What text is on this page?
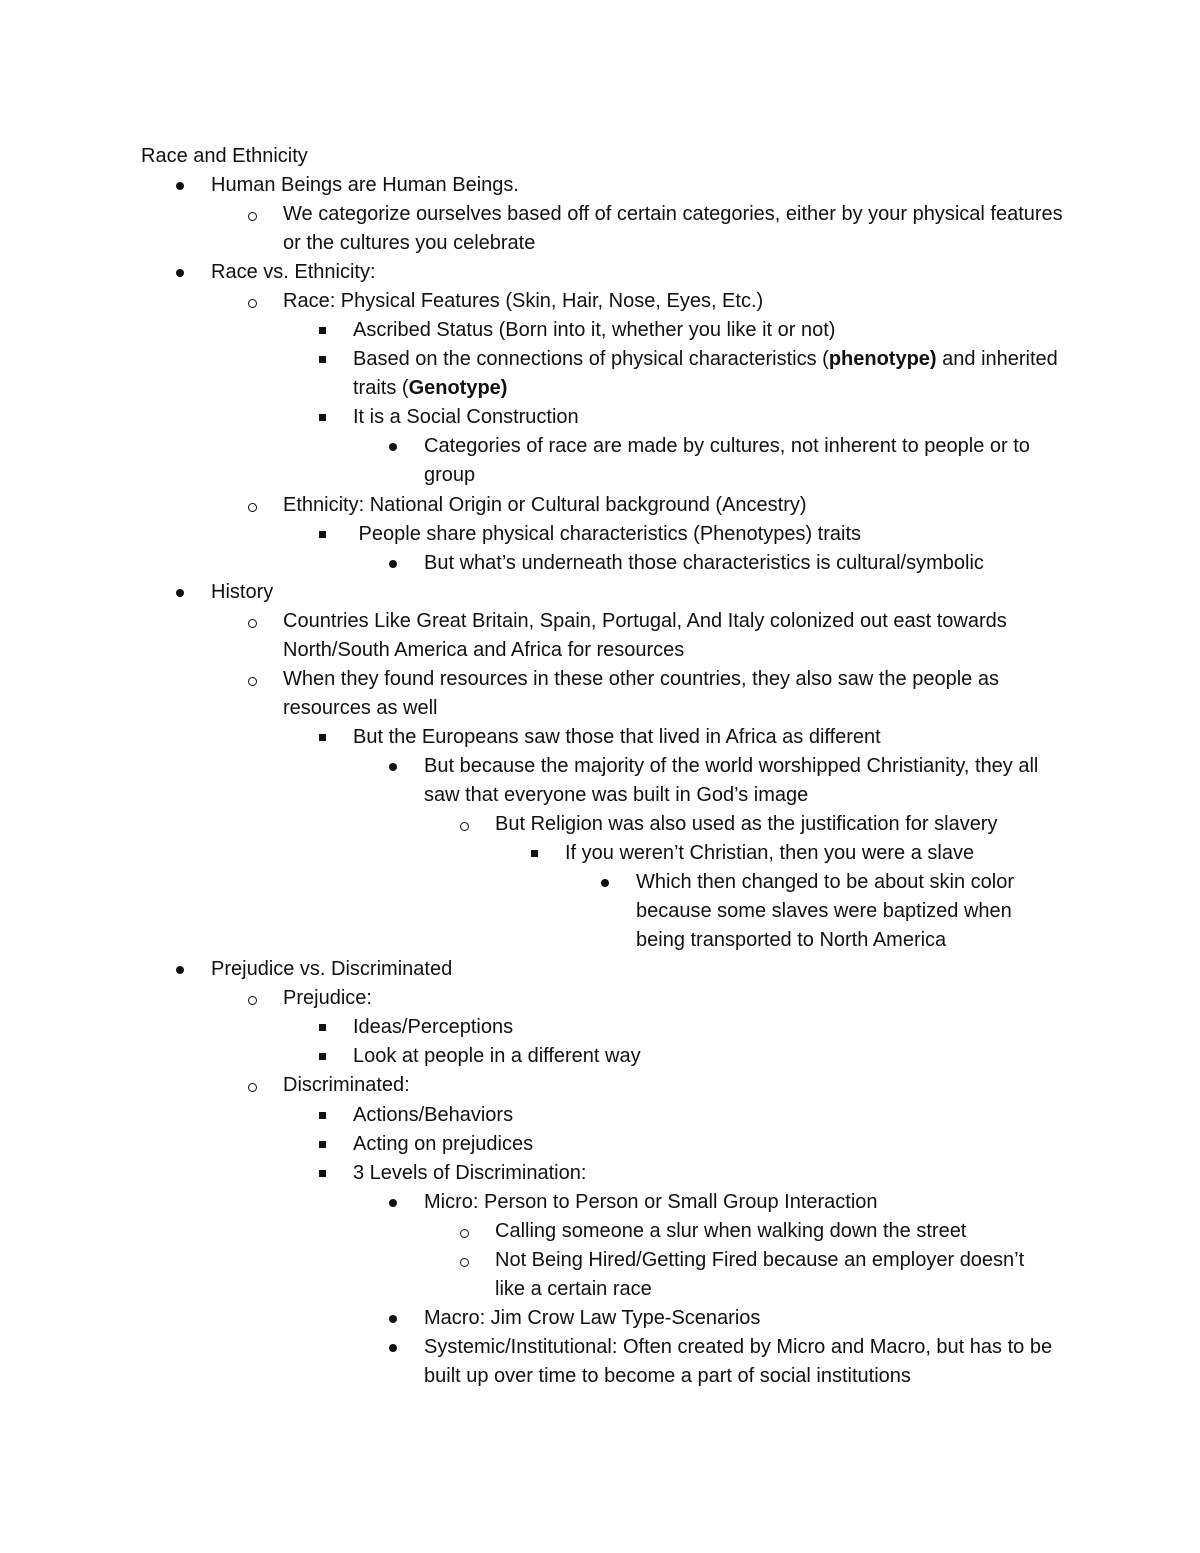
Race and Ethnicity
Human Beings are Human Beings.
We categorize ourselves based off of certain categories, either by your physical features or the cultures you celebrate
Race vs. Ethnicity:
Race: Physical Features (Skin, Hair, Nose, Eyes, Etc.)
Ascribed Status (Born into it, whether you like it or not)
Based on the connections of physical characteristics (phenotype) and inherited traits (Genotype)
It is a Social Construction
Categories of race are made by cultures, not inherent to people or to group
Ethnicity: National Origin or Cultural background (Ancestry)
People share physical characteristics (Phenotypes) traits
But what’s underneath those characteristics is cultural/symbolic
History
Countries Like Great Britain, Spain, Portugal, And Italy colonized out east towards North/South America and Africa for resources
When they found resources in these other countries, they also saw the people as resources as well
But the Europeans saw those that lived in Africa as different
But because the majority of the world worshipped Christianity, they all saw that everyone was built in God’s image
But Religion was also used as the justification for slavery
If you weren’t Christian, then you were a slave
Which then changed to be about skin color because some slaves were baptized when being transported to North America
Prejudice vs. Discriminated
Prejudice:
Ideas/Perceptions
Look at people in a different way
Discriminated:
Actions/Behaviors
Acting on prejudices
3 Levels of Discrimination:
Micro: Person to Person or Small Group Interaction
Calling someone a slur when walking down the street
Not Being Hired/Getting Fired because an employer doesn’t like a certain race
Macro: Jim Crow Law Type-Scenarios
Systemic/Institutional: Often created by Micro and Macro, but has to be built up over time to become a part of social institutions
